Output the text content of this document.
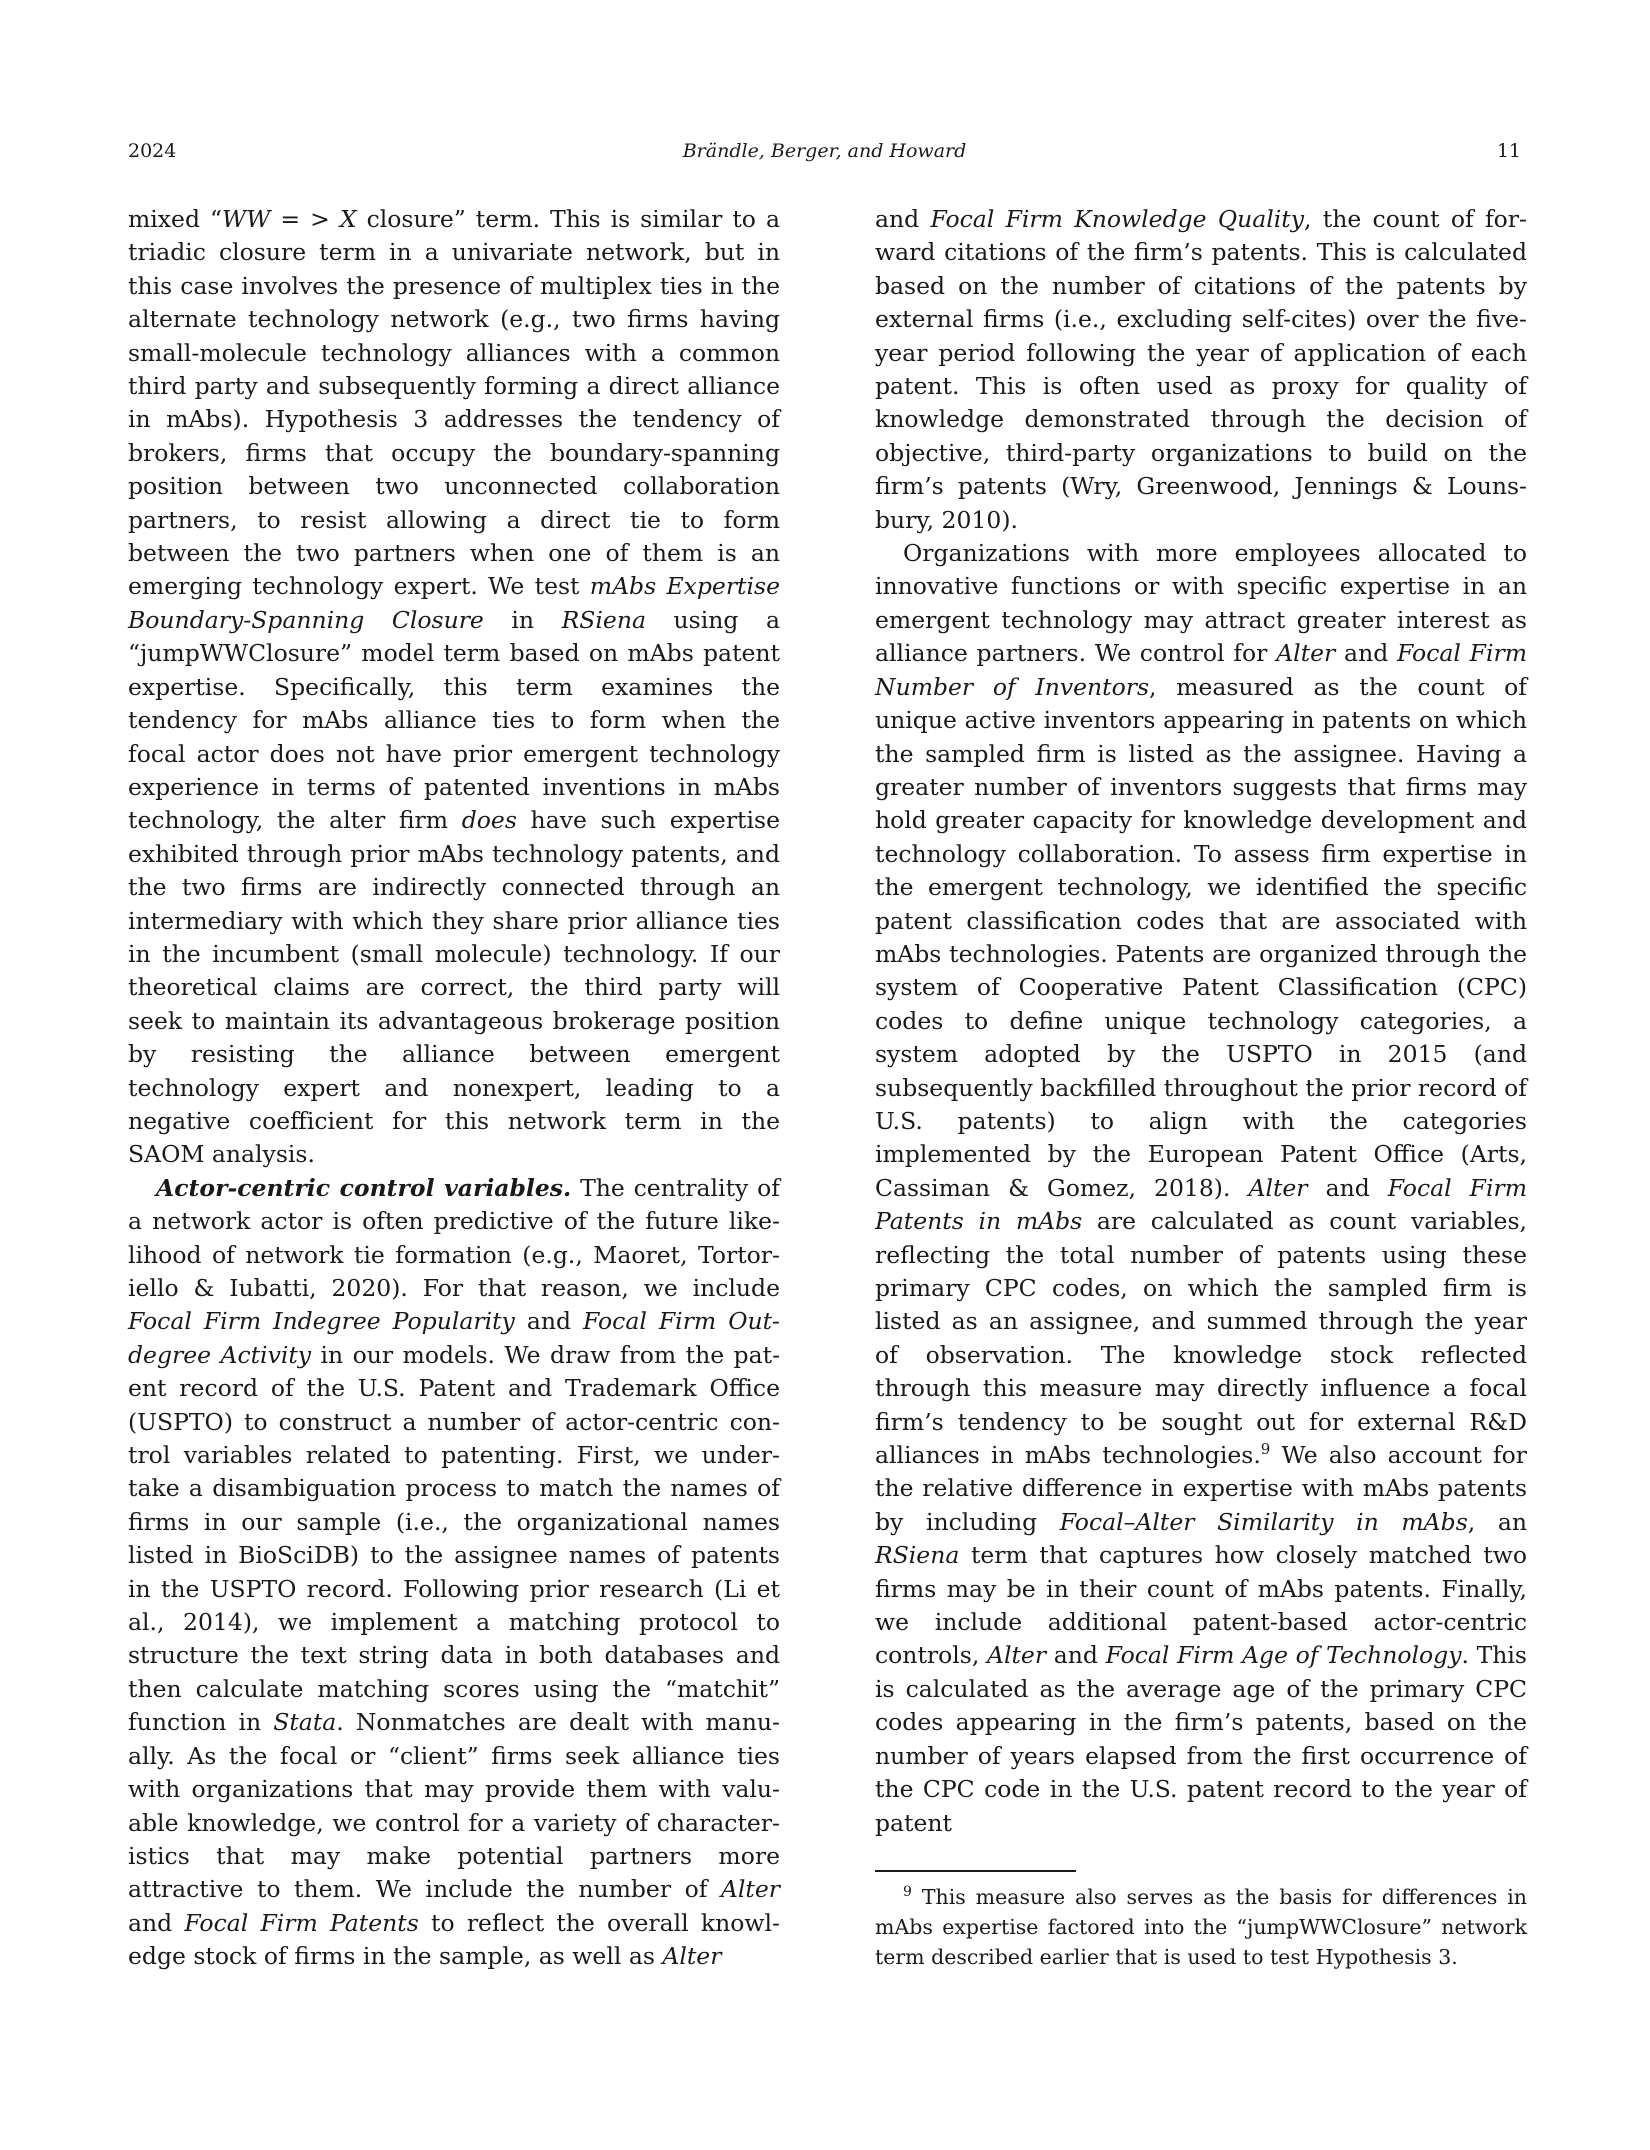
2024	Brändle, Berger, and Howard	11

mixed “WW = > X closure” term. This is similar to a triadic closure term in a univariate network, but in this case involves the presence of multiplex ties in the alternate technology network (e.g., two firms having small-molecule technology alliances with a common third party and subsequently forming a direct alliance in mAbs). Hypothesis 3 addresses the tendency of brokers, firms that occupy the boundary-spanning position between two unconnected collaboration partners, to resist allowing a direct tie to form between the two partners when one of them is an emerging technology expert. We test mAbs Expertise Boundary-Spanning Closure in RSiena using a “jumpWWClosure” model term based on mAbs patent expertise. Specifically, this term examines the tendency for mAbs alliance ties to form when the focal actor does not have prior emergent technology experience in terms of patented inventions in mAbs technology, the alter firm does have such expertise exhibited through prior mAbs technology patents, and the two firms are indirectly connected through an intermediary with which they share prior alliance ties in the incumbent (small molecule) technology. If our theoretical claims are correct, the third party will seek to maintain its advantageous brokerage position by resisting the alliance between emergent technology expert and nonexpert, leading to a negative coefficient for this network term in the SAOM analysis.

Actor-centric control variables. The centrality of a network actor is often predictive of the future likelihood of network tie formation (e.g., Maoret, Tortoriello & Iubatti, 2020). For that reason, we include Focal Firm Indegree Popularity and Focal Firm Outdegree Activity in our models. We draw from the patent record of the U.S. Patent and Trademark Office (USPTO) to construct a number of actor-centric control variables related to patenting. First, we undertake a disambiguation process to match the names of firms in our sample (i.e., the organizational names listed in BioSciDB) to the assignee names of patents in the USPTO record. Following prior research (Li et al., 2014), we implement a matching protocol to structure the text string data in both databases and then calculate matching scores using the “matchit” function in Stata. Nonmatches are dealt with manually. As the focal or “client” firms seek alliance ties with organizations that may provide them with valuable knowledge, we control for a variety of characteristics that may make potential partners more attractive to them. We include the number of Alter and Focal Firm Patents to reflect the overall knowledge stock of firms in the sample, as well as Alter

and Focal Firm Knowledge Quality, the count of forward citations of the firm’s patents. This is calculated based on the number of citations of the patents by external firms (i.e., excluding self-cites) over the five-year period following the year of application of each patent. This is often used as proxy for quality of knowledge demonstrated through the decision of objective, third-party organizations to build on the firm’s patents (Wry, Greenwood, Jennings & Lounsbury, 2010).

Organizations with more employees allocated to innovative functions or with specific expertise in an emergent technology may attract greater interest as alliance partners. We control for Alter and Focal Firm Number of Inventors, measured as the count of unique active inventors appearing in patents on which the sampled firm is listed as the assignee. Having a greater number of inventors suggests that firms may hold greater capacity for knowledge development and technology collaboration. To assess firm expertise in the emergent technology, we identified the specific patent classification codes that are associated with mAbs technologies. Patents are organized through the system of Cooperative Patent Classification (CPC) codes to define unique technology categories, a system adopted by the USPTO in 2015 (and subsequently backfilled throughout the prior record of U.S. patents) to align with the categories implemented by the European Patent Office (Arts, Cassiman & Gomez, 2018). Alter and Focal Firm Patents in mAbs are calculated as count variables, reflecting the total number of patents using these primary CPC codes, on which the sampled firm is listed as an assignee, and summed through the year of observation. The knowledge stock reflected through this measure may directly influence a focal firm’s tendency to be sought out for external R&D alliances in mAbs technologies.$^9$ We also account for the relative difference in expertise with mAbs patents by including Focal–Alter Similarity in mAbs, an RSiena term that captures how closely matched two firms may be in their count of mAbs patents. Finally, we include additional patent-based actor-centric controls, Alter and Focal Firm Age of Technology. This is calculated as the average age of the primary CPC codes appearing in the firm’s patents, based on the number of years elapsed from the first occurrence of the CPC code in the U.S. patent record to the year of patent

$^9$ This measure also serves as the basis for differences in mAbs expertise factored into the “jumpWWClosure” network term described earlier that is used to test Hypothesis 3.
